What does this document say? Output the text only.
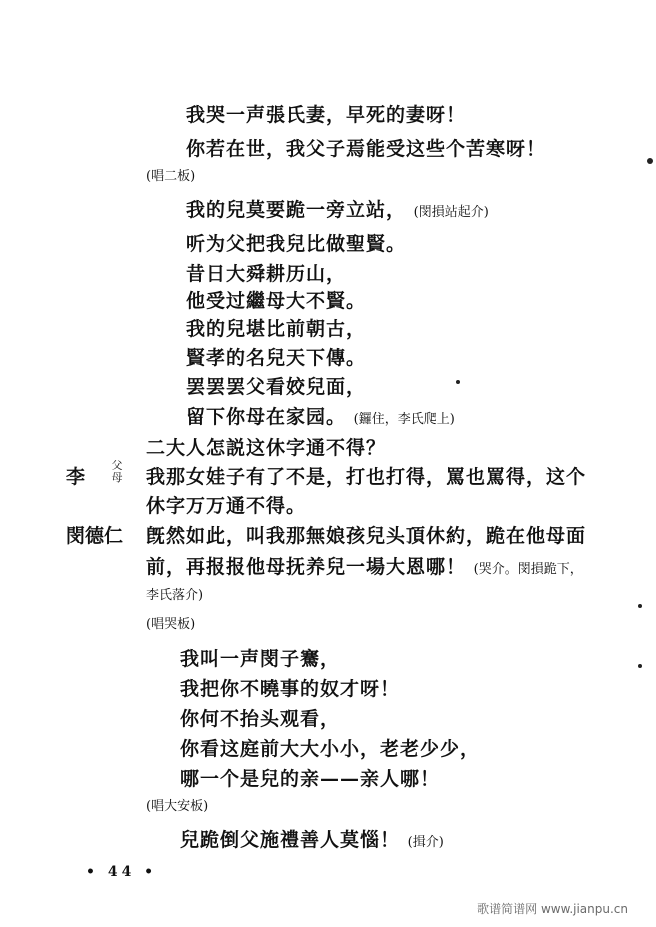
我哭一声張氏妻，早死的妻呀！
你若在世，我父子焉能受这些个苦寒呀！
(唱二板)
我的兒莫要跪一旁立站， (閔損站起介)
听为父把我兒比做聖賢。
昔日大舜耕历山，
他受过繼母大不賢。
我的兒堪比前朝古，
賢孝的名兒天下傳。
罢罢罢父看姣兒面，
留下你母在家园。 (鑼住，李氏爬上)
二大人怎説这休字通不得？
李
父
母 我那女娃子有了不是，打也打得，罵也罵得，这个
休字万万通不得。
閔德仁 旣然如此，叫我那無娘孩兒头頂休約，跪在他母面
前，再报报他母抚养兒一場大恩哪！ (哭介。閔損跪下，
李氏落介)
(唱哭板)
我叫一声閔子騫，
我把你不曉事的奴才呀！
你何不抬头观看，
你看这庭前大大小小，老老少少，
哪一个是兒的亲——亲人哪！
(唱大安板)
兒跪倒父施禮善人莫惱！ (揖介)
• 44 •
歌谱简谱网 www.jianpu.cn
